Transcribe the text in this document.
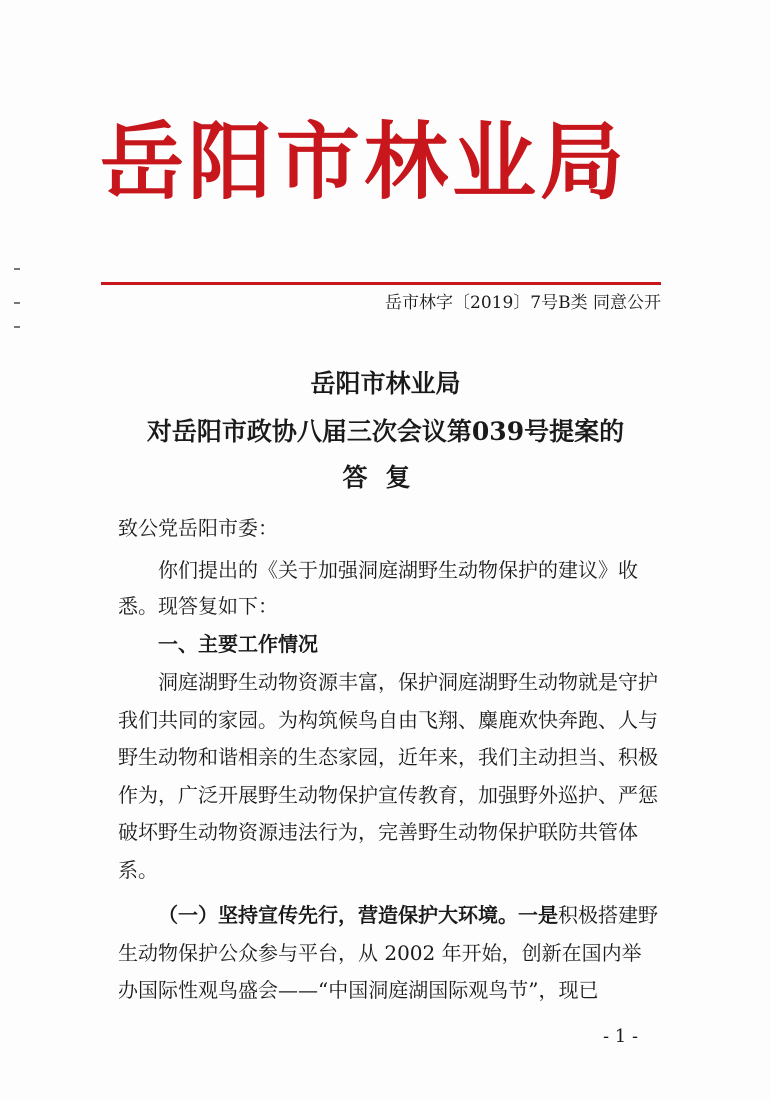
岳阳市林业局
岳市林字〔2019〕7号B类 同意公开
岳阳市林业局
对岳阳市政协八届三次会议第039号提案的
答复
致公党岳阳市委：
你们提出的《关于加强洞庭湖野生动物保护的建议》收悉。现答复如下：
一、主要工作情况
洞庭湖野生动物资源丰富，保护洞庭湖野生动物就是守护我们共同的家园。为构筑候鸟自由飞翔、麋鹿欢快奔跑、人与野生动物和谐相亲的生态家园，近年来，我们主动担当、积极作为，广泛开展野生动物保护宣传教育，加强野外巡护、严惩破坏野生动物资源违法行为，完善野生动物保护联防共管体系。
（一）坚持宣传先行，营造保护大环境。一是积极搭建野生动物保护公众参与平台，从 2002 年开始，创新在国内举办国际性观鸟盛会——“中国洞庭湖国际观鸟节”，现已
- 1 -
